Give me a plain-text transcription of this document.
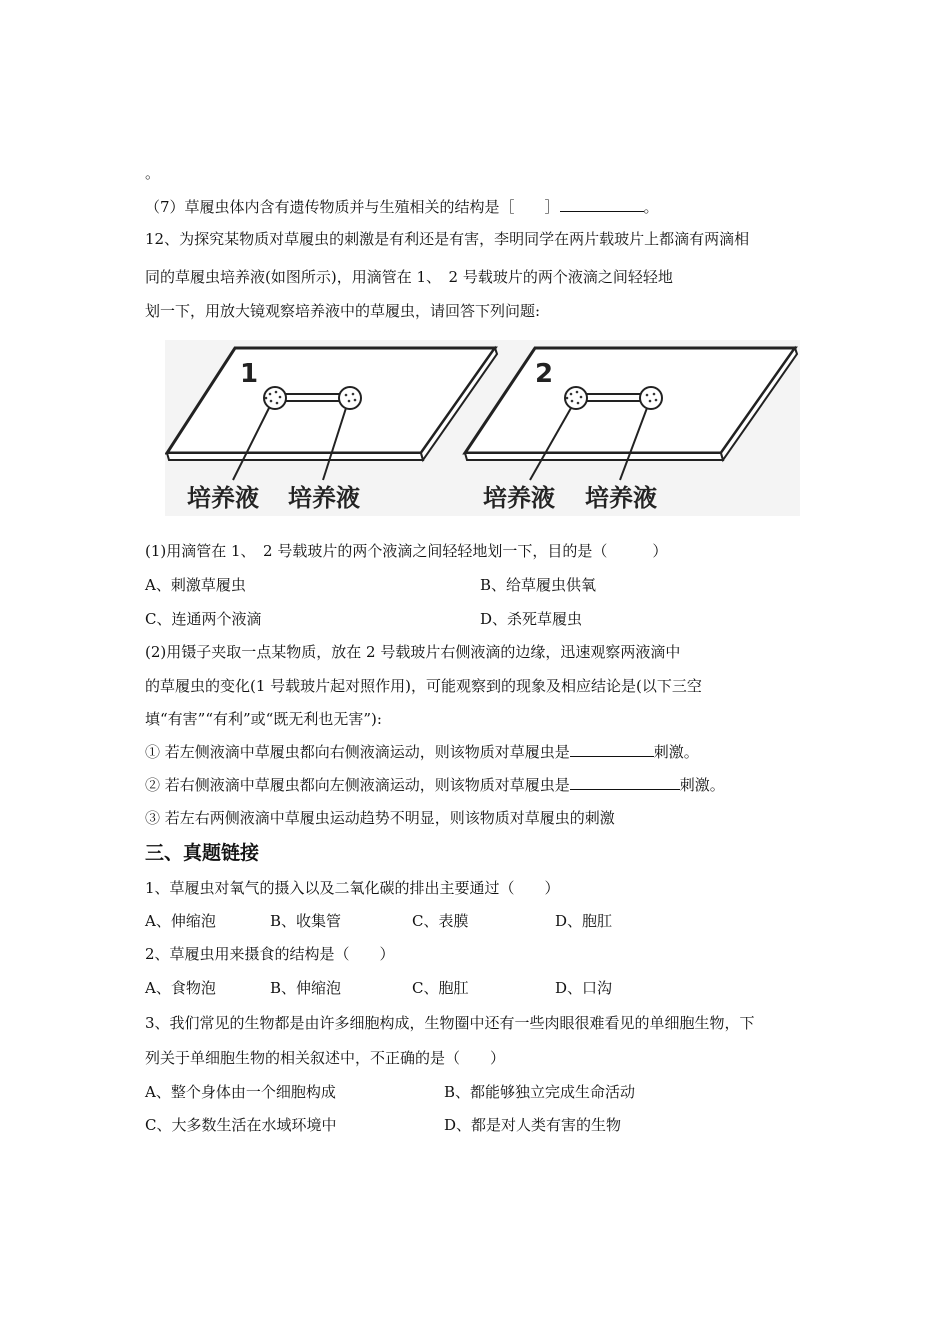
。
（7）草履虫体内含有遗传物质并与生殖相关的结构是［　　］	。
12、为探究某物质对草履虫的刺激是有利还是有害，李明同学在两片载玻片上都滴有两滴相
同的草履虫培养液(如图所示)，用滴管在 1、　2 号载玻片的两个液滴之间轻轻地
划一下，用放大镜观察培养液中的草履虫，请回答下列问题:
1
培养液 培养液
2
培养液 培养液
(1)用滴管在 1、　2 号载玻片的两个液滴之间轻轻地划一下，目的是（　　　）
A、刺激草履虫	B、给草履虫供氧
C、连通两个液滴	D、杀死草履虫
(2)用镊子夹取一点某物质，放在 2 号载玻片右侧液滴的边缘，迅速观察两液滴中
的草履虫的变化(1 号载玻片起对照作用)，可能观察到的现象及相应结论是(以下三空
填“有害”“有利”或“既无利也无害”):
① 若左侧液滴中草履虫都向右侧液滴运动，则该物质对草履虫是	刺激。
② 若右侧液滴中草履虫都向左侧液滴运动，则该物质对草履虫是	刺激。
③ 若左右两侧液滴中草履虫运动趋势不明显，则该物质对草履虫的刺激
三、真题链接
1、草履虫对氧气的摄入以及二氧化碳的排出主要通过（　　）
A、伸缩泡	B、收集管	C、表膜	D、胞肛
2、草履虫用来摄食的结构是（　　）
A、食物泡	B、伸缩泡	C、胞肛	D、口沟
3、我们常见的生物都是由许多细胞构成，生物圈中还有一些肉眼很难看见的单细胞生物，下
列关于单细胞生物的相关叙述中，不正确的是（　　）
A、整个身体由一个细胞构成	B、都能够独立完成生命活动
C、大多数生活在水域环境中	D、都是对人类有害的生物
